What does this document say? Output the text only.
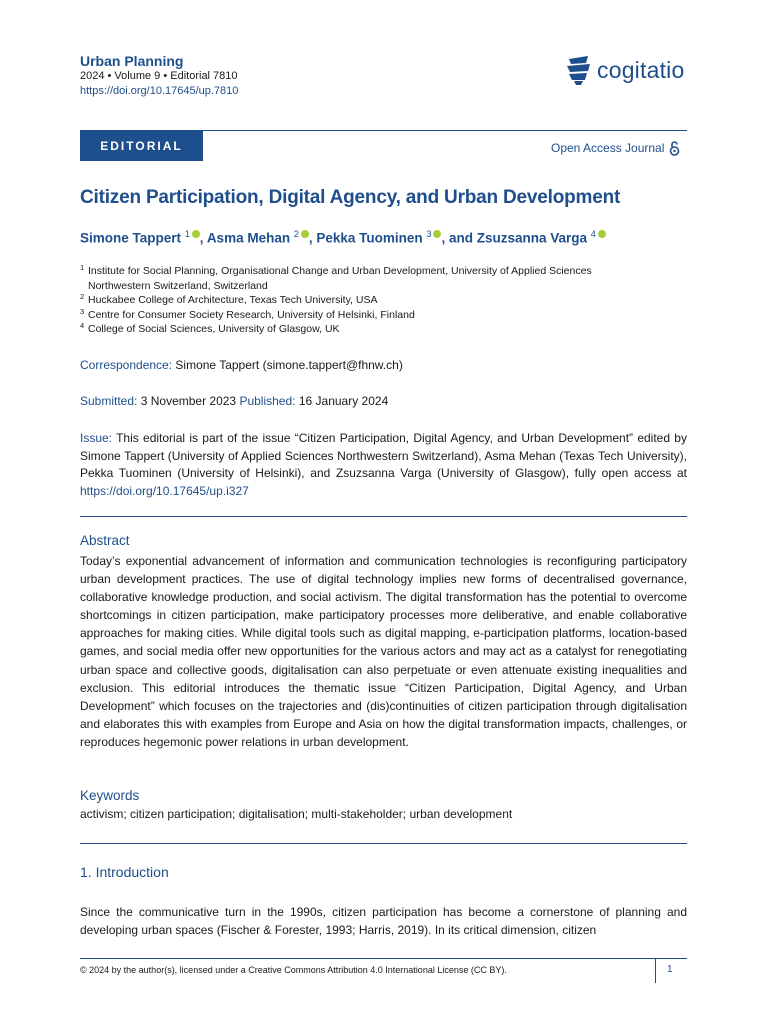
Urban Planning
2024 • Volume 9 • Editorial 7810
https://doi.org/10.17645/up.7810
cogitatio
EDITORIAL	Open Access Journal
Citizen Participation, Digital Agency, and Urban Development
Simone Tappert $^1$ , Asma Mehan $^2$ , Pekka Tuominen $^3$ , and Zsuzsanna Varga $^4$
1 Institute for Social Planning, Organisational Change and Urban Development, University of Applied Sciences
Northwestern Switzerland, Switzerland
2 Huckabee College of Architecture, Texas Tech University, USA
3 Centre for Consumer Society Research, University of Helsinki, Finland
4 College of Social Sciences, University of Glasgow, UK
Correspondence: Simone Tappert (simone.tappert@fhnw.ch)
Submitted: 3 November 2023 Published: 16 January 2024
Issue: This editorial is part of the issue “Citizen Participation, Digital Agency, and Urban Development” edited by Simone Tappert (University of Applied Sciences Northwestern Switzerland), Asma Mehan (Texas Tech University), Pekka Tuominen (University of Helsinki), and Zsuzsanna Varga (University of Glasgow), fully open access at https://doi.org/10.17645/up.i327
Abstract
Today’s exponential advancement of information and communication technologies is reconfiguring participatory urban development practices. The use of digital technology implies new forms of decentralised governance, collaborative knowledge production, and social activism. The digital transformation has the potential to overcome shortcomings in citizen participation, make participatory processes more deliberative, and enable collaborative approaches for making cities. While digital tools such as digital mapping, e-participation platforms, location-based games, and social media offer new opportunities for the various actors and may act as a catalyst for renegotiating urban space and collective goods, digitalisation can also perpetuate or even attenuate existing inequalities and exclusion. This editorial introduces the thematic issue “Citizen Participation, Digital Agency, and Urban Development” which focuses on the trajectories and (dis)continuities of citizen participation through digitalisation and elaborates this with examples from Europe and Asia on how the digital transformation impacts, challenges, or reproduces hegemonic power relations in urban development.
Keywords
activism; citizen participation; digitalisation; multi-stakeholder; urban development
1. Introduction
Since the communicative turn in the 1990s, citizen participation has become a cornerstone of planning and developing urban spaces (Fischer & Forester, 1993; Harris, 2019). In its critical dimension, citizen
© 2024 by the author(s), licensed under a Creative Commons Attribution 4.0 International License (CC BY).	1
